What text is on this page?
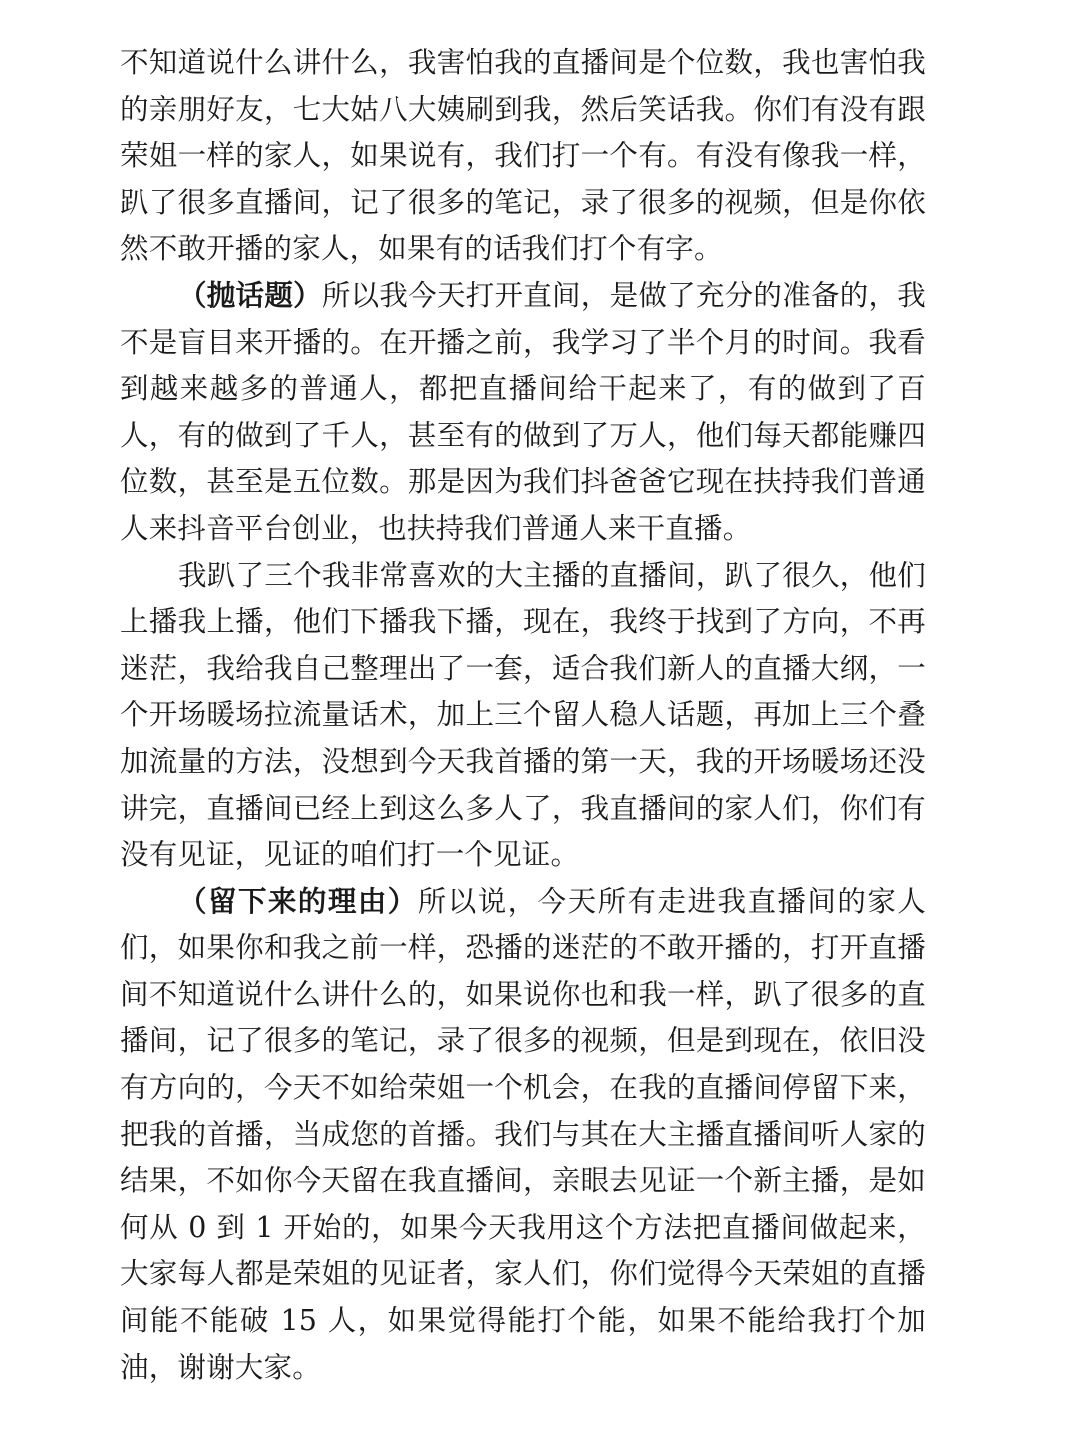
不知道说什么讲什么，我害怕我的直播间是个位数，我也害怕我的亲朋好友，七大姑八大姨刷到我，然后笑话我。你们有没有跟荣姐一样的家人，如果说有，我们打一个有。有没有像我一样，趴了很多直播间，记了很多的笔记，录了很多的视频，但是你依然不敢开播的家人，如果有的话我们打个有字。

（抛话题）所以我今天打开直间，是做了充分的准备的，我不是盲目来开播的。在开播之前，我学习了半个月的时间。我看到越来越多的普通人，都把直播间给干起来了，有的做到了百人，有的做到了千人，甚至有的做到了万人，他们每天都能赚四位数，甚至是五位数。那是因为我们抖爸爸它现在扶持我们普通人来抖音平台创业，也扶持我们普通人来干直播。

我趴了三个我非常喜欢的大主播的直播间，趴了很久，他们上播我上播，他们下播我下播，现在，我终于找到了方向，不再迷茫，我给我自己整理出了一套，适合我们新人的直播大纲，一个开场暖场拉流量话术，加上三个留人稳人话题，再加上三个叠加流量的方法，没想到今天我首播的第一天，我的开场暖场还没讲完，直播间已经上到这么多人了，我直播间的家人们，你们有没有见证，见证的咱们打一个见证。

（留下来的理由）所以说，今天所有走进我直播间的家人们，如果你和我之前一样，恐播的迷茫的不敢开播的，打开直播间不知道说什么讲什么的，如果说你也和我一样，趴了很多的直播间，记了很多的笔记，录了很多的视频，但是到现在，依旧没有方向的，今天不如给荣姐一个机会，在我的直播间停留下来，把我的首播，当成您的首播。我们与其在大主播直播间听人家的结果，不如你今天留在我直播间，亲眼去见证一个新主播，是如何从 0 到 1 开始的，如果今天我用这个方法把直播间做起来，大家每人都是荣姐的见证者，家人们，你们觉得今天荣姐的直播间能不能破 15 人，如果觉得能打个能，如果不能给我打个加油，谢谢大家。
